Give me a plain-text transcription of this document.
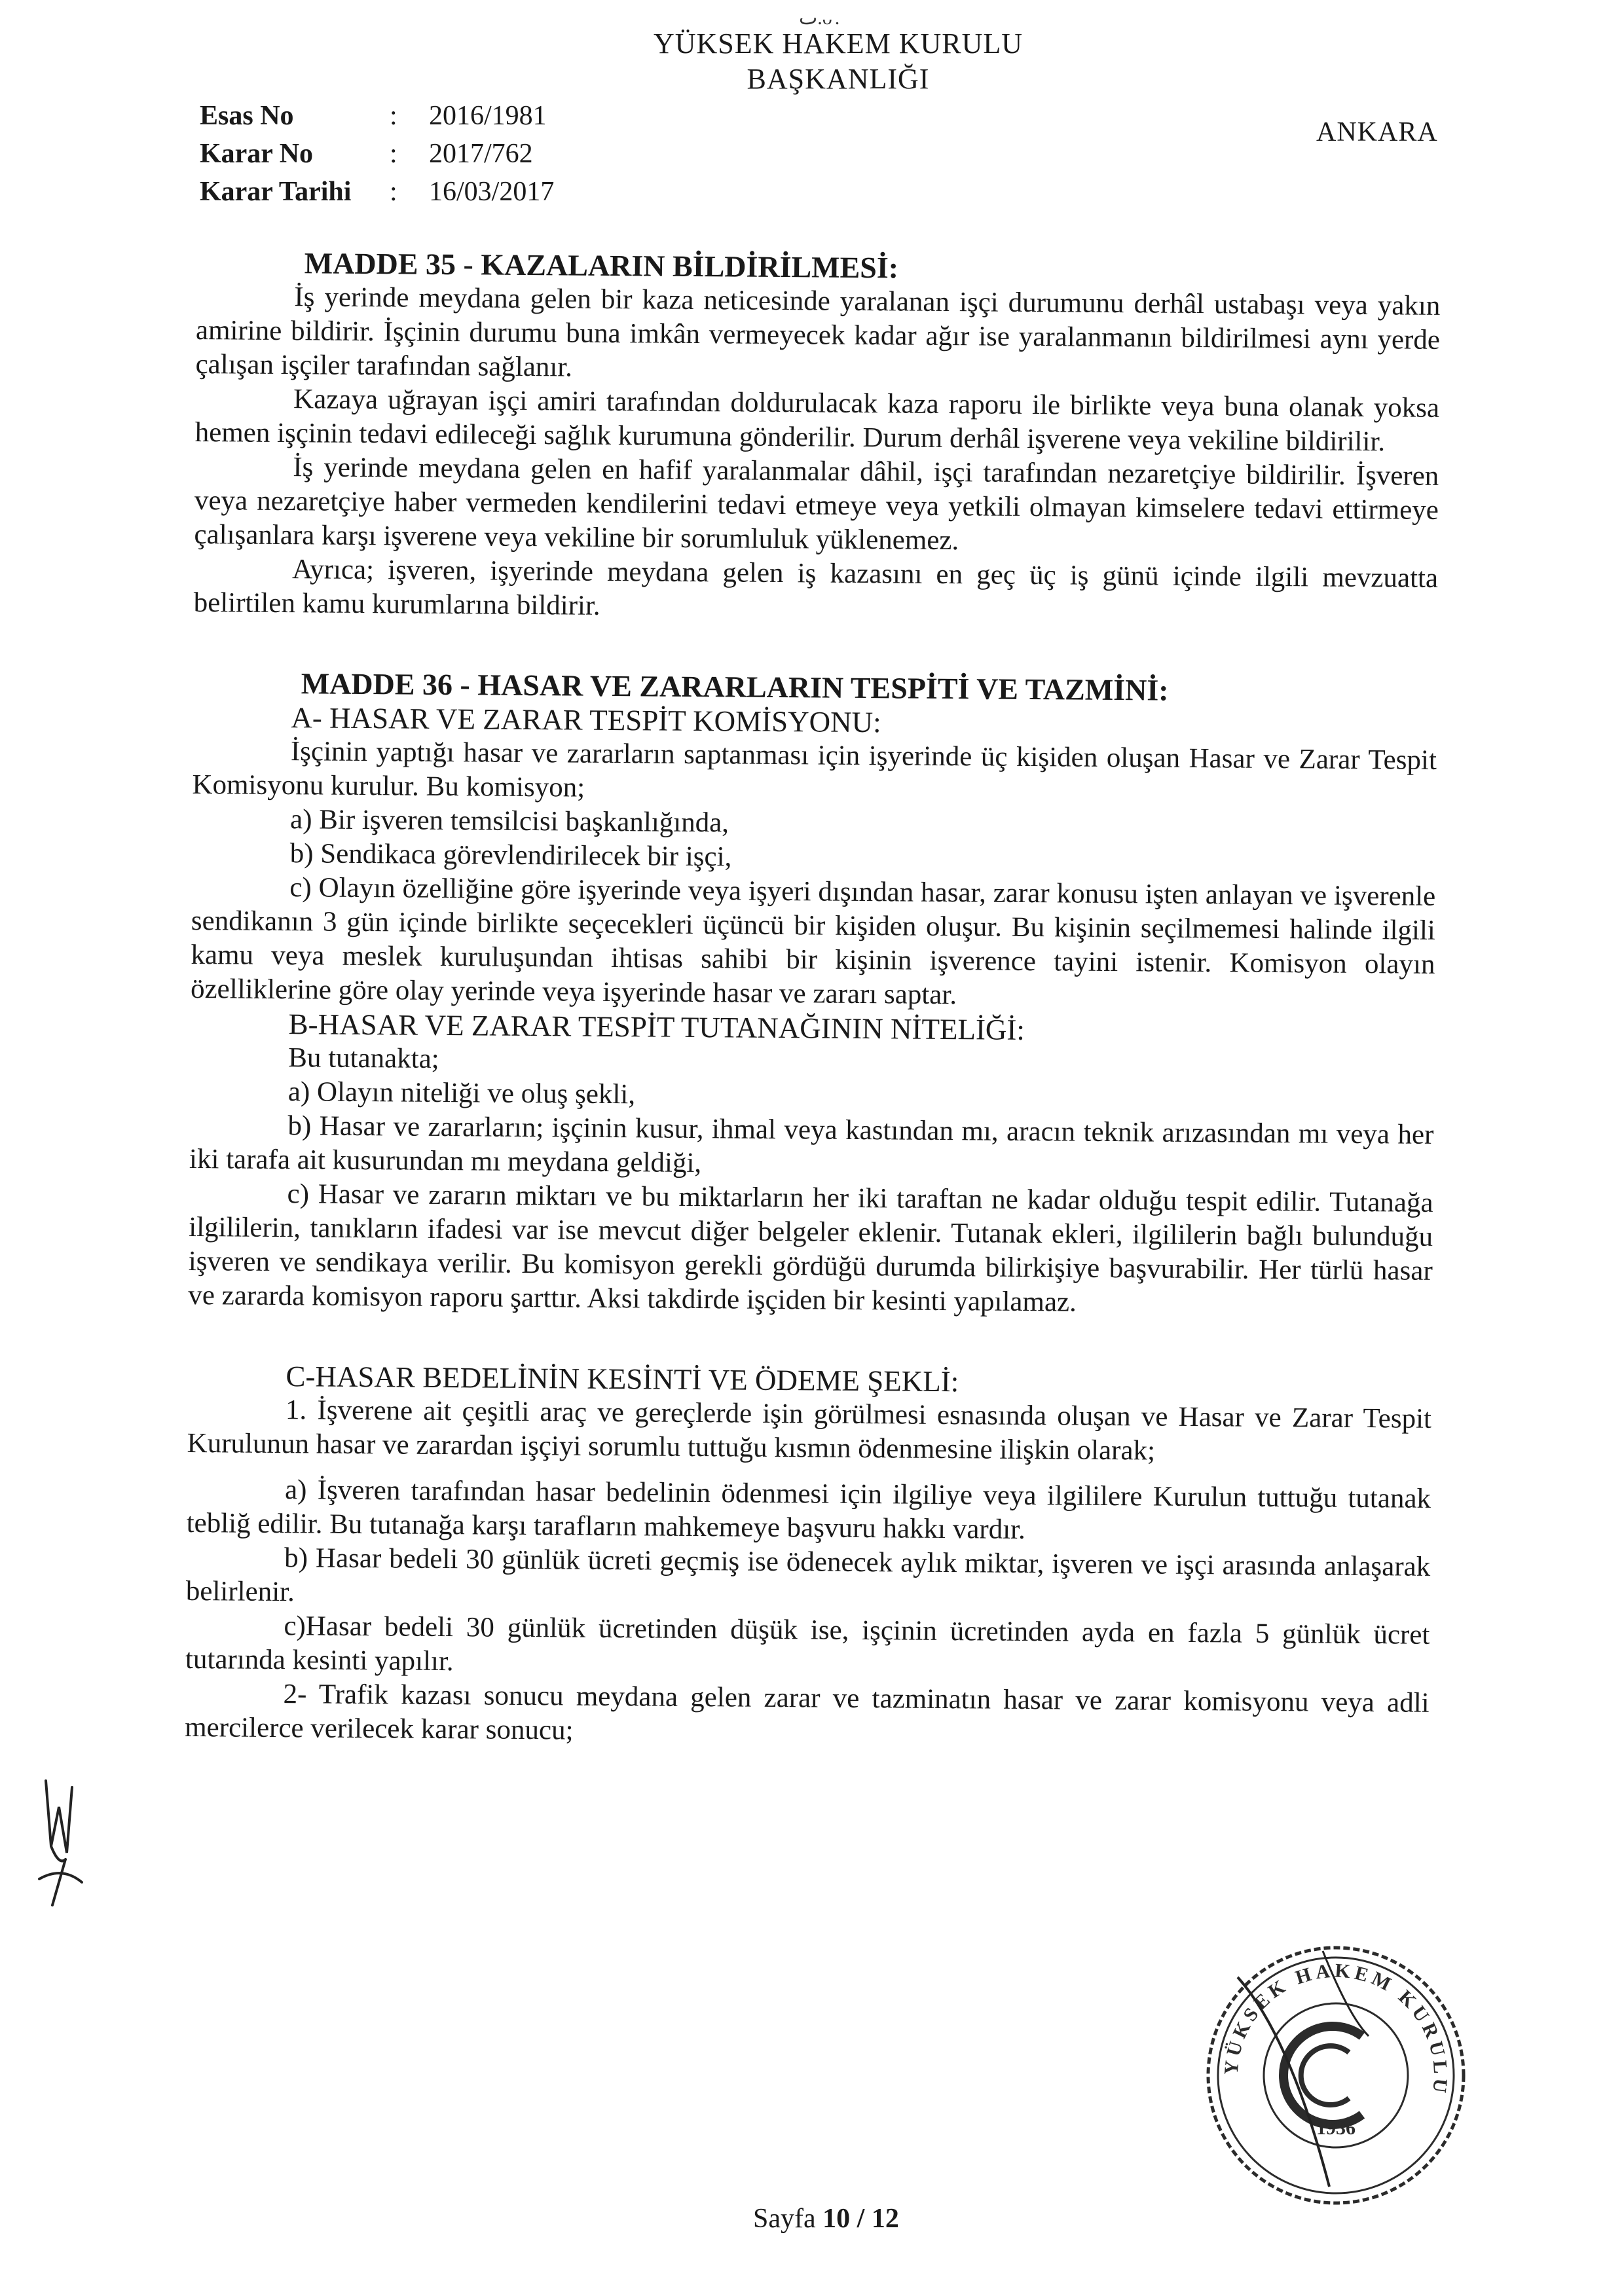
ٮ.ᴗ.
YÜKSEK HAKEM KURULU
BAŞKANLIĞI
Esas No	:	2016/1981
Karar No	:	2017/762
Karar Tarihi	:	16/03/2017
ANKARA
MADDE 35 - KAZALARIN BİLDİRİLMESİ:

İş yerinde meydana gelen bir kaza neticesinde yaralanan işçi durumunu derhâl ustabaşı veya yakın amirine bildirir. İşçinin durumu buna imkân vermeyecek kadar ağır ise yaralanmanın bildirilmesi aynı yerde çalışan işçiler tarafından sağlanır.

Kazaya uğrayan işçi amiri tarafından doldurulacak kaza raporu ile birlikte veya buna olanak yoksa hemen işçinin tedavi edileceği sağlık kurumuna gönderilir. Durum derhâl işverene veya vekiline bildirilir.

İş yerinde meydana gelen en hafif yaralanmalar dâhil, işçi tarafından nezaretçiye bildirilir. İşveren veya nezaretçiye haber vermeden kendilerini tedavi etmeye veya yetkili olmayan kimselere tedavi ettirmeye çalışanlara karşı işverene veya vekiline bir sorumluluk yüklenemez.

Ayrıca; işveren, işyerinde meydana gelen iş kazasını en geç üç iş günü içinde ilgili mevzuatta belirtilen kamu kurumlarına bildirir.

MADDE 36 - HASAR VE ZARARLARIN TESPİTİ VE TAZMİNİ:
A- HASAR VE ZARAR TESPİT KOMİSYONU:

İşçinin yaptığı hasar ve zararların saptanması için işyerinde üç kişiden oluşan Hasar ve Zarar Tespit Komisyonu kurulur. Bu komisyon;

a) Bir işveren temsilcisi başkanlığında,

b) Sendikaca görevlendirilecek bir işçi,

c) Olayın özelliğine göre işyerinde veya işyeri dışından hasar, zarar konusu işten anlayan ve işverenle sendikanın 3 gün içinde birlikte seçecekleri üçüncü bir kişiden oluşur. Bu kişinin seçilmemesi halinde ilgili kamu veya meslek kuruluşundan ihtisas sahibi bir kişinin işverence tayini istenir. Komisyon olayın özelliklerine göre olay yerinde veya işyerinde hasar ve zararı saptar.

B-HASAR VE ZARAR TESPİT TUTANAĞININ NİTELİĞİ:

Bu tutanakta;

a) Olayın niteliği ve oluş şekli,

b) Hasar ve zararların; işçinin kusur, ihmal veya kastından mı, aracın teknik arızasından mı veya her iki tarafa ait kusurundan mı meydana geldiği,

c) Hasar ve zararın miktarı ve bu miktarların her iki taraftan ne kadar olduğu tespit edilir. Tutanağa ilgililerin, tanıkların ifadesi var ise mevcut diğer belgeler eklenir. Tutanak ekleri, ilgililerin bağlı bulunduğu işveren ve sendikaya verilir. Bu komisyon gerekli gördüğü durumda bilirkişiye başvurabilir. Her türlü hasar ve zararda komisyon raporu şarttır. Aksi takdirde işçiden bir kesinti yapılamaz.

C-HASAR BEDELİNİN KESİNTİ VE ÖDEME ŞEKLİ:

1. İşverene ait çeşitli araç ve gereçlerde işin görülmesi esnasında oluşan ve Hasar ve Zarar Tespit Kurulunun hasar ve zarardan işçiyi sorumlu tuttuğu kısmın ödenmesine ilişkin olarak;

a) İşveren tarafından hasar bedelinin ödenmesi için ilgiliye veya ilgililere Kurulun tuttuğu tutanak tebliğ edilir. Bu tutanağa karşı tarafların mahkemeye başvuru hakkı vardır.

b) Hasar bedeli 30 günlük ücreti geçmiş ise ödenecek aylık miktar, işveren ve işçi arasında anlaşarak belirlenir.

c)Hasar bedeli 30 günlük ücretinden düşük ise, işçinin ücretinden ayda en fazla 5 günlük ücret tutarında kesinti yapılır.

2- Trafik kazası sonucu meydana gelen zarar ve tazminatın hasar ve zarar komisyonu veya adli mercilerce verilecek karar sonucu;

Sayfa 10 / 12
YÜKSEK HAKEM KURULU
1936
